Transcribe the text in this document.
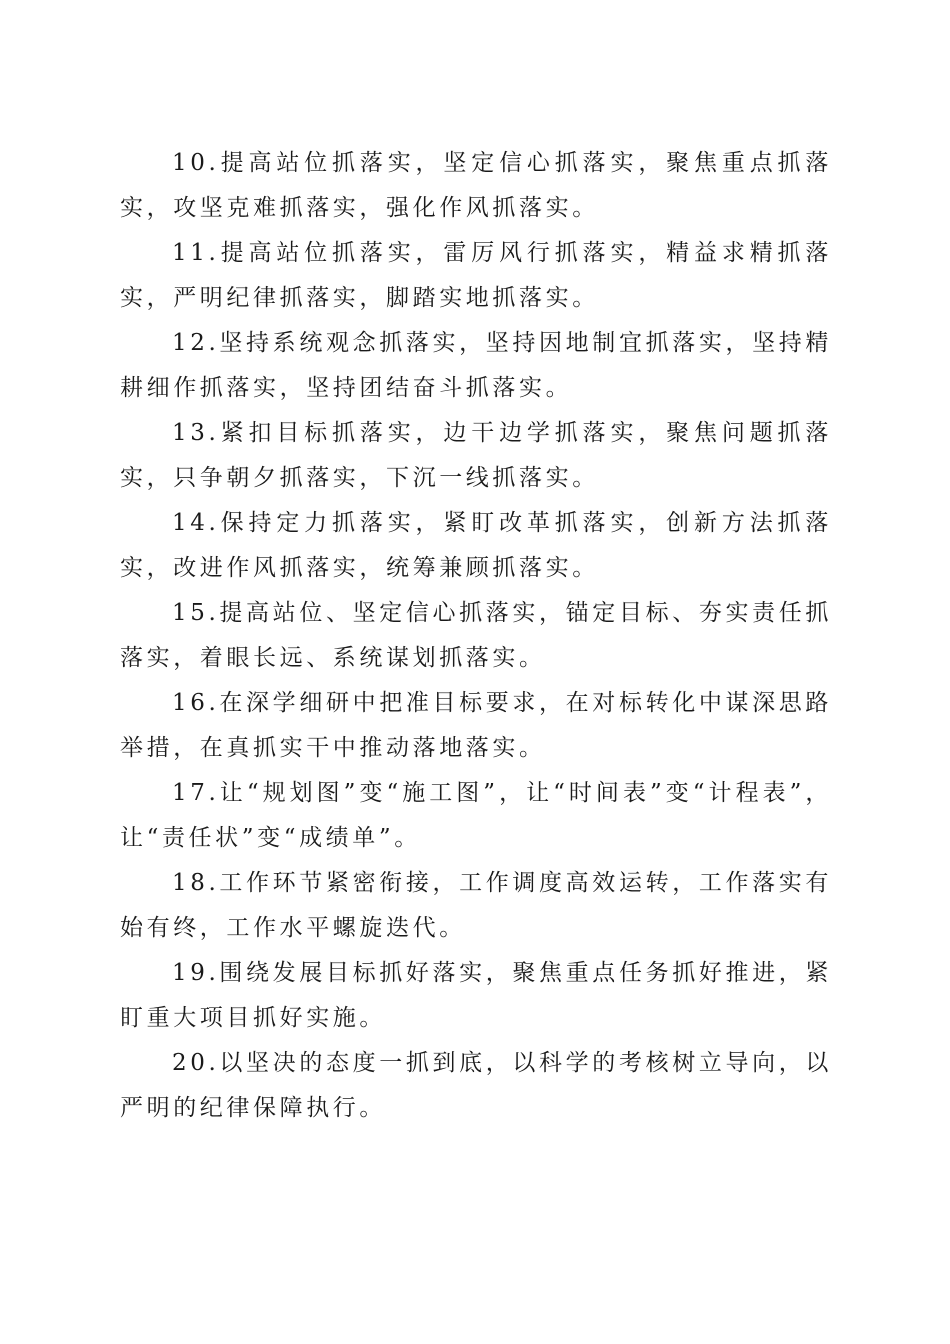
10.提高站位抓落实，坚定信心抓落实，聚焦重点抓落实，攻坚克难抓落实，强化作风抓落实。

11.提高站位抓落实，雷厉风行抓落实，精益求精抓落实，严明纪律抓落实，脚踏实地抓落实。

12.坚持系统观念抓落实，坚持因地制宜抓落实，坚持精耕细作抓落实，坚持团结奋斗抓落实。

13.紧扣目标抓落实，边干边学抓落实，聚焦问题抓落实，只争朝夕抓落实，下沉一线抓落实。

14.保持定力抓落实，紧盯改革抓落实，创新方法抓落实，改进作风抓落实，统筹兼顾抓落实。

15.提高站位、坚定信心抓落实，锚定目标、夯实责任抓落实，着眼长远、系统谋划抓落实。

16.在深学细研中把准目标要求，在对标转化中谋深思路举措，在真抓实干中推动落地落实。

17.让“规划图”变“施工图”，让“时间表”变“计程表”，让“责任状”变“成绩单”。

18.工作环节紧密衔接，工作调度高效运转，工作落实有始有终，工作水平螺旋迭代。

19.围绕发展目标抓好落实，聚焦重点任务抓好推进，紧盯重大项目抓好实施。

20.以坚决的态度一抓到底，以科学的考核树立导向，以严明的纪律保障执行。
